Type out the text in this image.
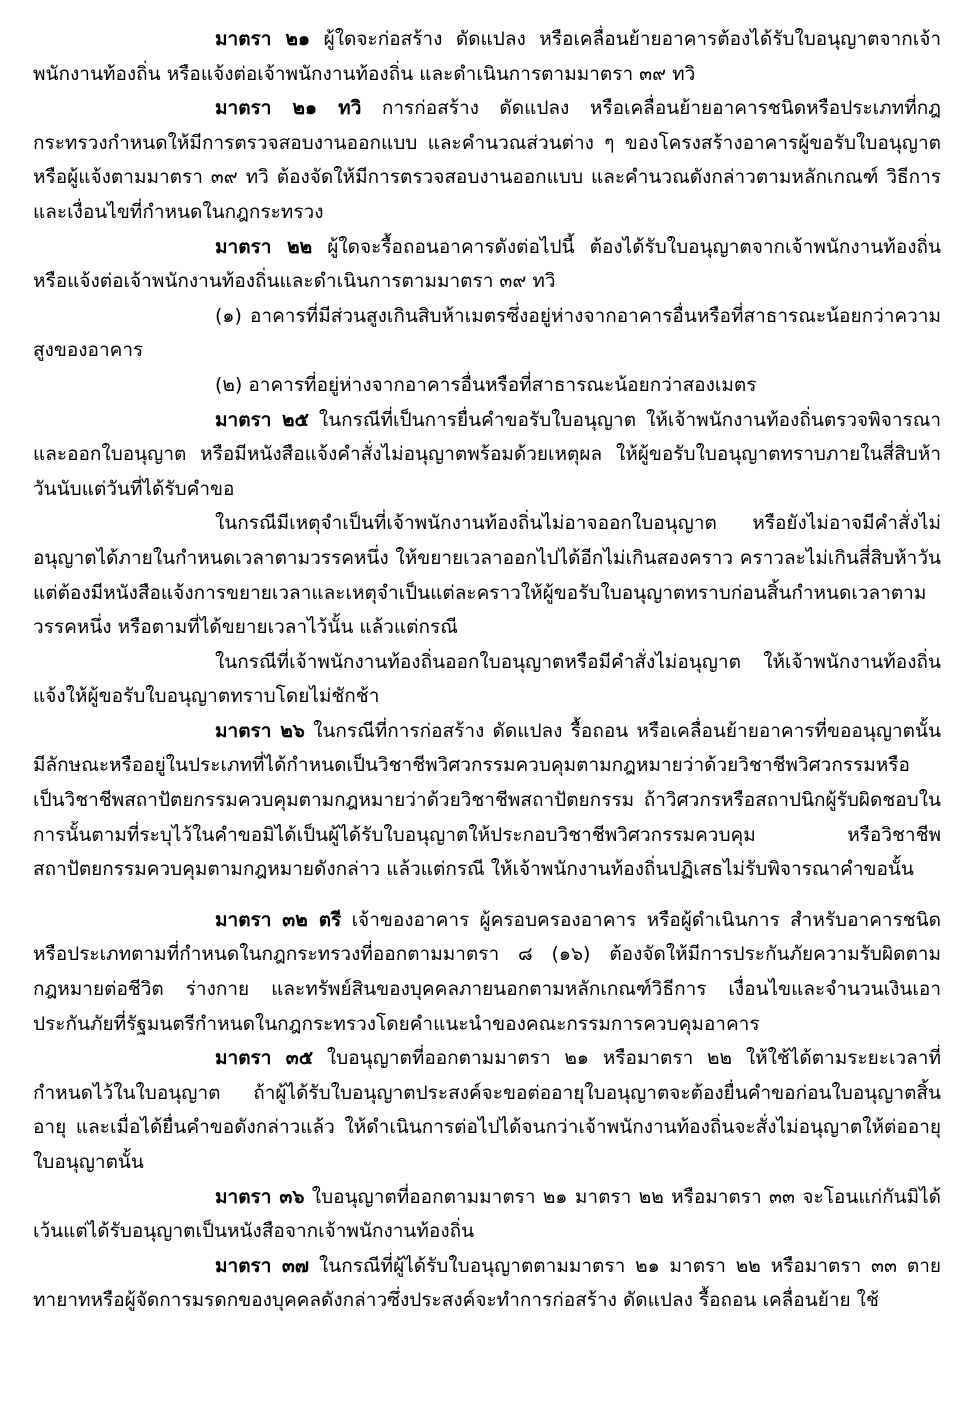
มาตรา ๒๑ ผู้ใดจะก่อสร้าง ดัดแปลง หรือเคลื่อนย้ายอาคารต้องได้รับใบอนุญาตจากเจ้าพนักงานท้องถิ่น หรือแจ้งต่อเจ้าพนักงานท้องถิ่น และดำเนินการตามมาตรา ๓๙ ทวิ

มาตรา ๒๑ ทวิ การก่อสร้าง ดัดแปลง หรือเคลื่อนย้ายอาคารชนิดหรือประเภทที่กฎกระทรวงกำหนดให้มีการตรวจสอบงานออกแบบ และคำนวณส่วนต่าง ๆ ของโครงสร้างอาคารผู้ขอรับใบอนุญาต หรือผู้แจ้งตามมาตรา ๓๙ ทวิ ต้องจัดให้มีการตรวจสอบงานออกแบบ และคำนวณดังกล่าวตามหลักเกณฑ์ วิธีการ และเงื่อนไขที่กำหนดในกฎกระทรวง

มาตรา ๒๒ ผู้ใดจะรื้อถอนอาคารดังต่อไปนี้ ต้องได้รับใบอนุญาตจากเจ้าพนักงานท้องถิ่น หรือแจ้งต่อเจ้าพนักงานท้องถิ่นและดำเนินการตามมาตรา ๓๙ ทวิ

(๑) อาคารที่มีส่วนสูงเกินสิบห้าเมตรซึ่งอยู่ห่างจากอาคารอื่นหรือที่สาธารณะน้อยกว่าความสูงของอาคาร

(๒) อาคารที่อยู่ห่างจากอาคารอื่นหรือที่สาธารณะน้อยกว่าสองเมตร

มาตรา ๒๕ ในกรณีที่เป็นการยื่นคำขอรับใบอนุญาต ให้เจ้าพนักงานท้องถิ่นตรวจพิจารณาและออกใบอนุญาต หรือมีหนังสือแจ้งคำสั่งไม่อนุญาตพร้อมด้วยเหตุผล ให้ผู้ขอรับใบอนุญาตทราบภายในสี่สิบห้าวันนับแต่วันที่ได้รับคำขอ

ในกรณีมีเหตุจำเป็นที่เจ้าพนักงานท้องถิ่นไม่อาจออกใบอนุญาต หรือยังไม่อาจมีคำสั่งไม่อนุญาตได้ภายในกำหนดเวลาตามวรรคหนึ่ง ให้ขยายเวลาออกไปได้อีกไม่เกินสองคราว คราวละไม่เกินสี่สิบห้าวัน แต่ต้องมีหนังสือแจ้งการขยายเวลาและเหตุจำเป็นแต่ละคราวให้ผู้ขอรับใบอนุญาตทราบก่อนสิ้นกำหนดเวลาตามวรรคหนึ่ง หรือตามที่ได้ขยายเวลาไว้นั้น แล้วแต่กรณี

ในกรณีที่เจ้าพนักงานท้องถิ่นออกใบอนุญาตหรือมีคำสั่งไม่อนุญาต ให้เจ้าพนักงานท้องถิ่นแจ้งให้ผู้ขอรับใบอนุญาตทราบโดยไม่ชักช้า

มาตรา ๒๖ ในกรณีที่การก่อสร้าง ดัดแปลง รื้อถอน หรือเคลื่อนย้ายอาคารที่ขออนุญาตนั้นมีลักษณะหรืออยู่ในประเภทที่ได้กำหนดเป็นวิชาชีพวิศวกรรมควบคุมตามกฎหมายว่าด้วยวิชาชีพวิศวกรรมหรือเป็นวิชาชีพสถาปัตยกรรมควบคุมตามกฎหมายว่าด้วยวิชาชีพสถาปัตยกรรม ถ้าวิศวกรหรือสถาปนิกผู้รับผิดชอบในการนั้นตามที่ระบุไว้ในคำขอมิได้เป็นผู้ได้รับใบอนุญาตให้ประกอบวิชาชีพวิศวกรรมควบคุม หรือวิชาชีพสถาปัตยกรรมควบคุมตามกฎหมายดังกล่าว แล้วแต่กรณี ให้เจ้าพนักงานท้องถิ่นปฏิเสธไม่รับพิจารณาคำขอนั้น

มาตรา ๓๒ ตรี เจ้าของอาคาร ผู้ครอบครองอาคาร หรือผู้ดำเนินการ สำหรับอาคารชนิดหรือประเภทตามที่กำหนดในกฎกระทรวงที่ออกตามมาตรา ๘ (๑๖) ต้องจัดให้มีการประกันภัยความรับผิดตามกฎหมายต่อชีวิต ร่างกาย และทรัพย์สินของบุคคลภายนอกตามหลักเกณฑ์วิธีการ เงื่อนไขและจำนวนเงินเอาประกันภัยที่รัฐมนตรีกำหนดในกฎกระทรวงโดยคำแนะนำของคณะกรรมการควบคุมอาคาร

มาตรา ๓๕ ใบอนุญาตที่ออกตามมาตรา ๒๑ หรือมาตรา ๒๒ ให้ใช้ได้ตามระยะเวลาที่กำหนดไว้ในใบอนุญาต ถ้าผู้ได้รับใบอนุญาตประสงค์จะขอต่ออายุใบอนุญาตจะต้องยื่นคำขอก่อนใบอนุญาตสิ้นอายุ และเมื่อได้ยื่นคำขอดังกล่าวแล้ว ให้ดำเนินการต่อไปได้จนกว่าเจ้าพนักงานท้องถิ่นจะสั่งไม่อนุญาตให้ต่ออายุใบอนุญาตนั้น

มาตรา ๓๖ ใบอนุญาตที่ออกตามมาตรา ๒๑ มาตรา ๒๒ หรือมาตรา ๓๓ จะโอนแก่กันมิได้เว้นแต่ได้รับอนุญาตเป็นหนังสือจากเจ้าพนักงานท้องถิ่น

มาตรา ๓๗ ในกรณีที่ผู้ได้รับใบอนุญาตตามมาตรา ๒๑ มาตรา ๒๒ หรือมาตรา ๓๓ ตายทายาทหรือผู้จัดการมรดกของบุคคลดังกล่าวซึ่งประสงค์จะทำการก่อสร้าง ดัดแปลง รื้อถอน เคลื่อนย้าย ใช้
